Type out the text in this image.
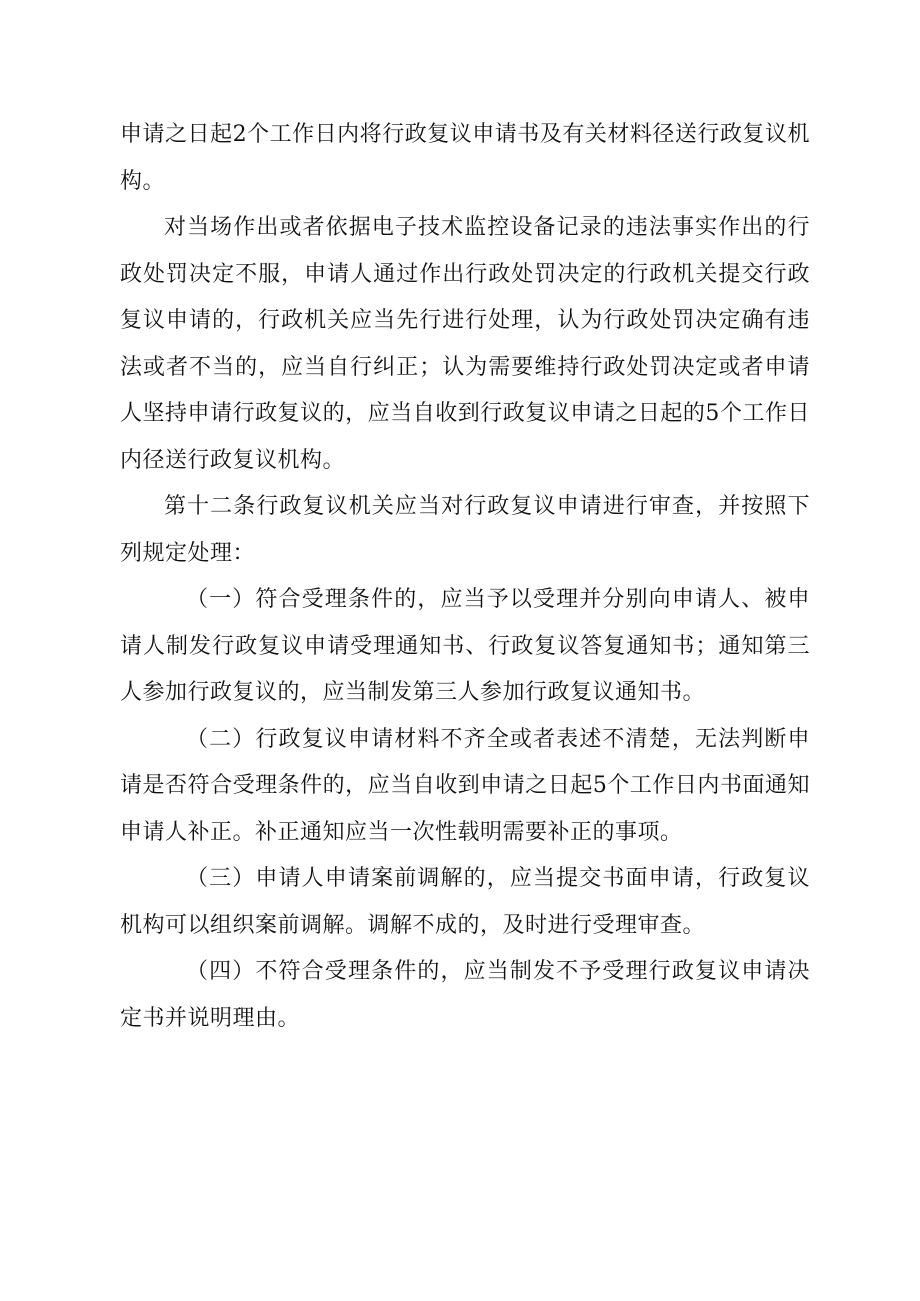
申请之日起2个工作日内将行政复议申请书及有关材料径送行政复议机构。

对当场作出或者依据电子技术监控设备记录的违法事实作出的行政处罚决定不服，申请人通过作出行政处罚决定的行政机关提交行政复议申请的，行政机关应当先行进行处理，认为行政处罚决定确有违法或者不当的，应当自行纠正；认为需要维持行政处罚决定或者申请人坚持申请行政复议的，应当自收到行政复议申请之日起的5个工作日内径送行政复议机构。

第十二条行政复议机关应当对行政复议申请进行审查，并按照下列规定处理：

（一）符合受理条件的，应当予以受理并分别向申请人、被申请人制发行政复议申请受理通知书、行政复议答复通知书；通知第三人参加行政复议的，应当制发第三人参加行政复议通知书。

（二）行政复议申请材料不齐全或者表述不清楚，无法判断申请是否符合受理条件的，应当自收到申请之日起5个工作日内书面通知申请人补正。补正通知应当一次性载明需要补正的事项。

（三）申请人申请案前调解的，应当提交书面申请，行政复议机构可以组织案前调解。调解不成的，及时进行受理审查。

（四）不符合受理条件的，应当制发不予受理行政复议申请决定书并说明理由。
